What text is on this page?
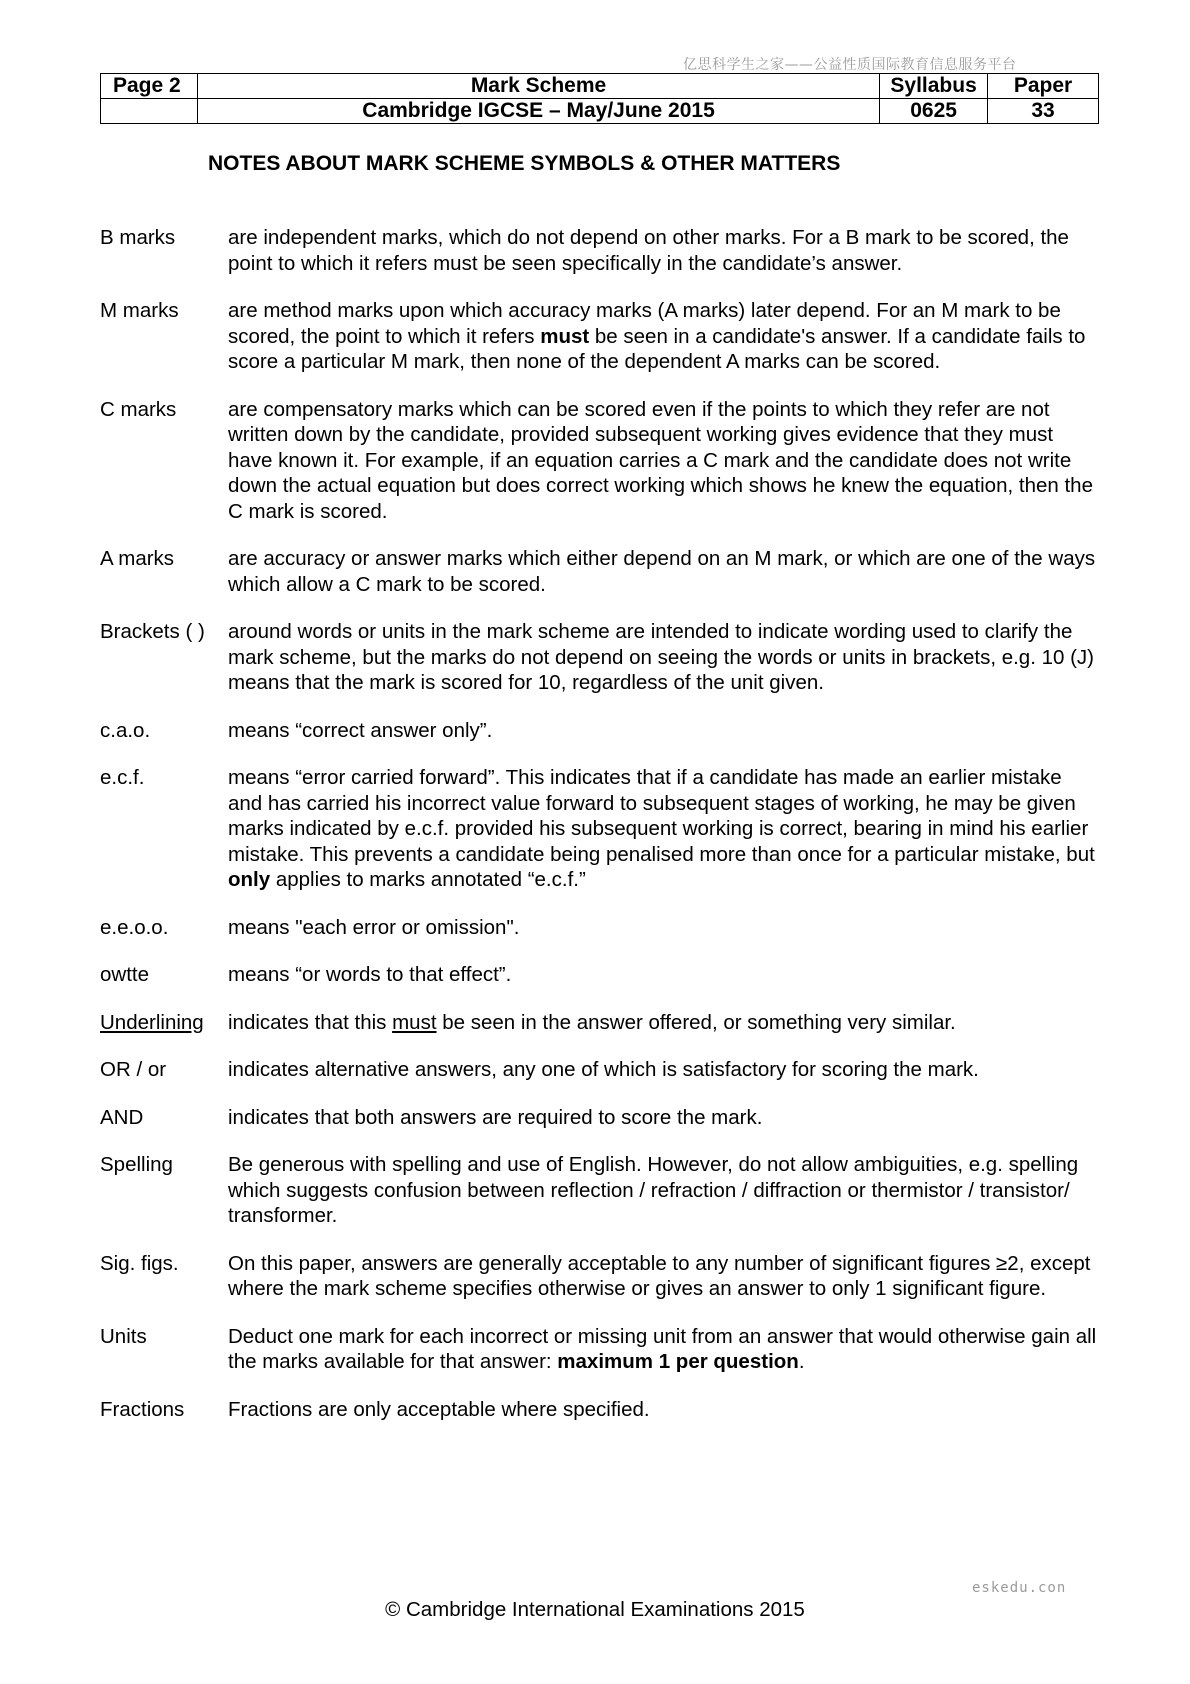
亿思科学生之家——公益性质国际教育信息服务平台
Page 2	Mark Scheme	Syllabus	Paper
	Cambridge IGCSE – May/June 2015	0625	33
NOTES ABOUT MARK SCHEME SYMBOLS & OTHER MATTERS
B marks	are independent marks, which do not depend on other marks. For a B mark to be scored, the point to which it refers must be seen specifically in the candidate’s answer.
M marks	are method marks upon which accuracy marks (A marks) later depend. For an M mark to be scored, the point to which it refers must be seen in a candidate's answer. If a candidate fails to score a particular M mark, then none of the dependent A marks can be scored.
C marks	are compensatory marks which can be scored even if the points to which they refer are not written down by the candidate, provided subsequent working gives evidence that they must have known it. For example, if an equation carries a C mark and the candidate does not write down the actual equation but does correct working which shows he knew the equation, then the C mark is scored.
A marks	are accuracy or answer marks which either depend on an M mark, or which are one of the ways which allow a C mark to be scored.
Brackets ( )	around words or units in the mark scheme are intended to indicate wording used to clarify the mark scheme, but the marks do not depend on seeing the words or units in brackets, e.g. 10 (J) means that the mark is scored for 10, regardless of the unit given.
c.a.o.	means “correct answer only”.
e.c.f.	means “error carried forward”. This indicates that if a candidate has made an earlier mistake and has carried his incorrect value forward to subsequent stages of working, he may be given marks indicated by e.c.f. provided his subsequent working is correct, bearing in mind his earlier mistake. This prevents a candidate being penalised more than once for a particular mistake, but only applies to marks annotated “e.c.f.”
e.e.o.o.	means "each error or omission".
owtte	means “or words to that effect”.
Underlining	indicates that this must be seen in the answer offered, or something very similar.
OR / or	indicates alternative answers, any one of which is satisfactory for scoring the mark.
AND	indicates that both answers are required to score the mark.
Spelling	Be generous with spelling and use of English. However, do not allow ambiguities, e.g. spelling which suggests confusion between reflection / refraction / diffraction or thermistor / transistor/ transformer.
Sig. figs.	On this paper, answers are generally acceptable to any number of significant figures ≥2, except where the mark scheme specifies otherwise or gives an answer to only 1 significant figure.
Units	Deduct one mark for each incorrect or missing unit from an answer that would otherwise gain all the marks available for that answer: maximum 1 per question.
Fractions	Fractions are only acceptable where specified.
eskedu.con
© Cambridge International Examinations 2015
